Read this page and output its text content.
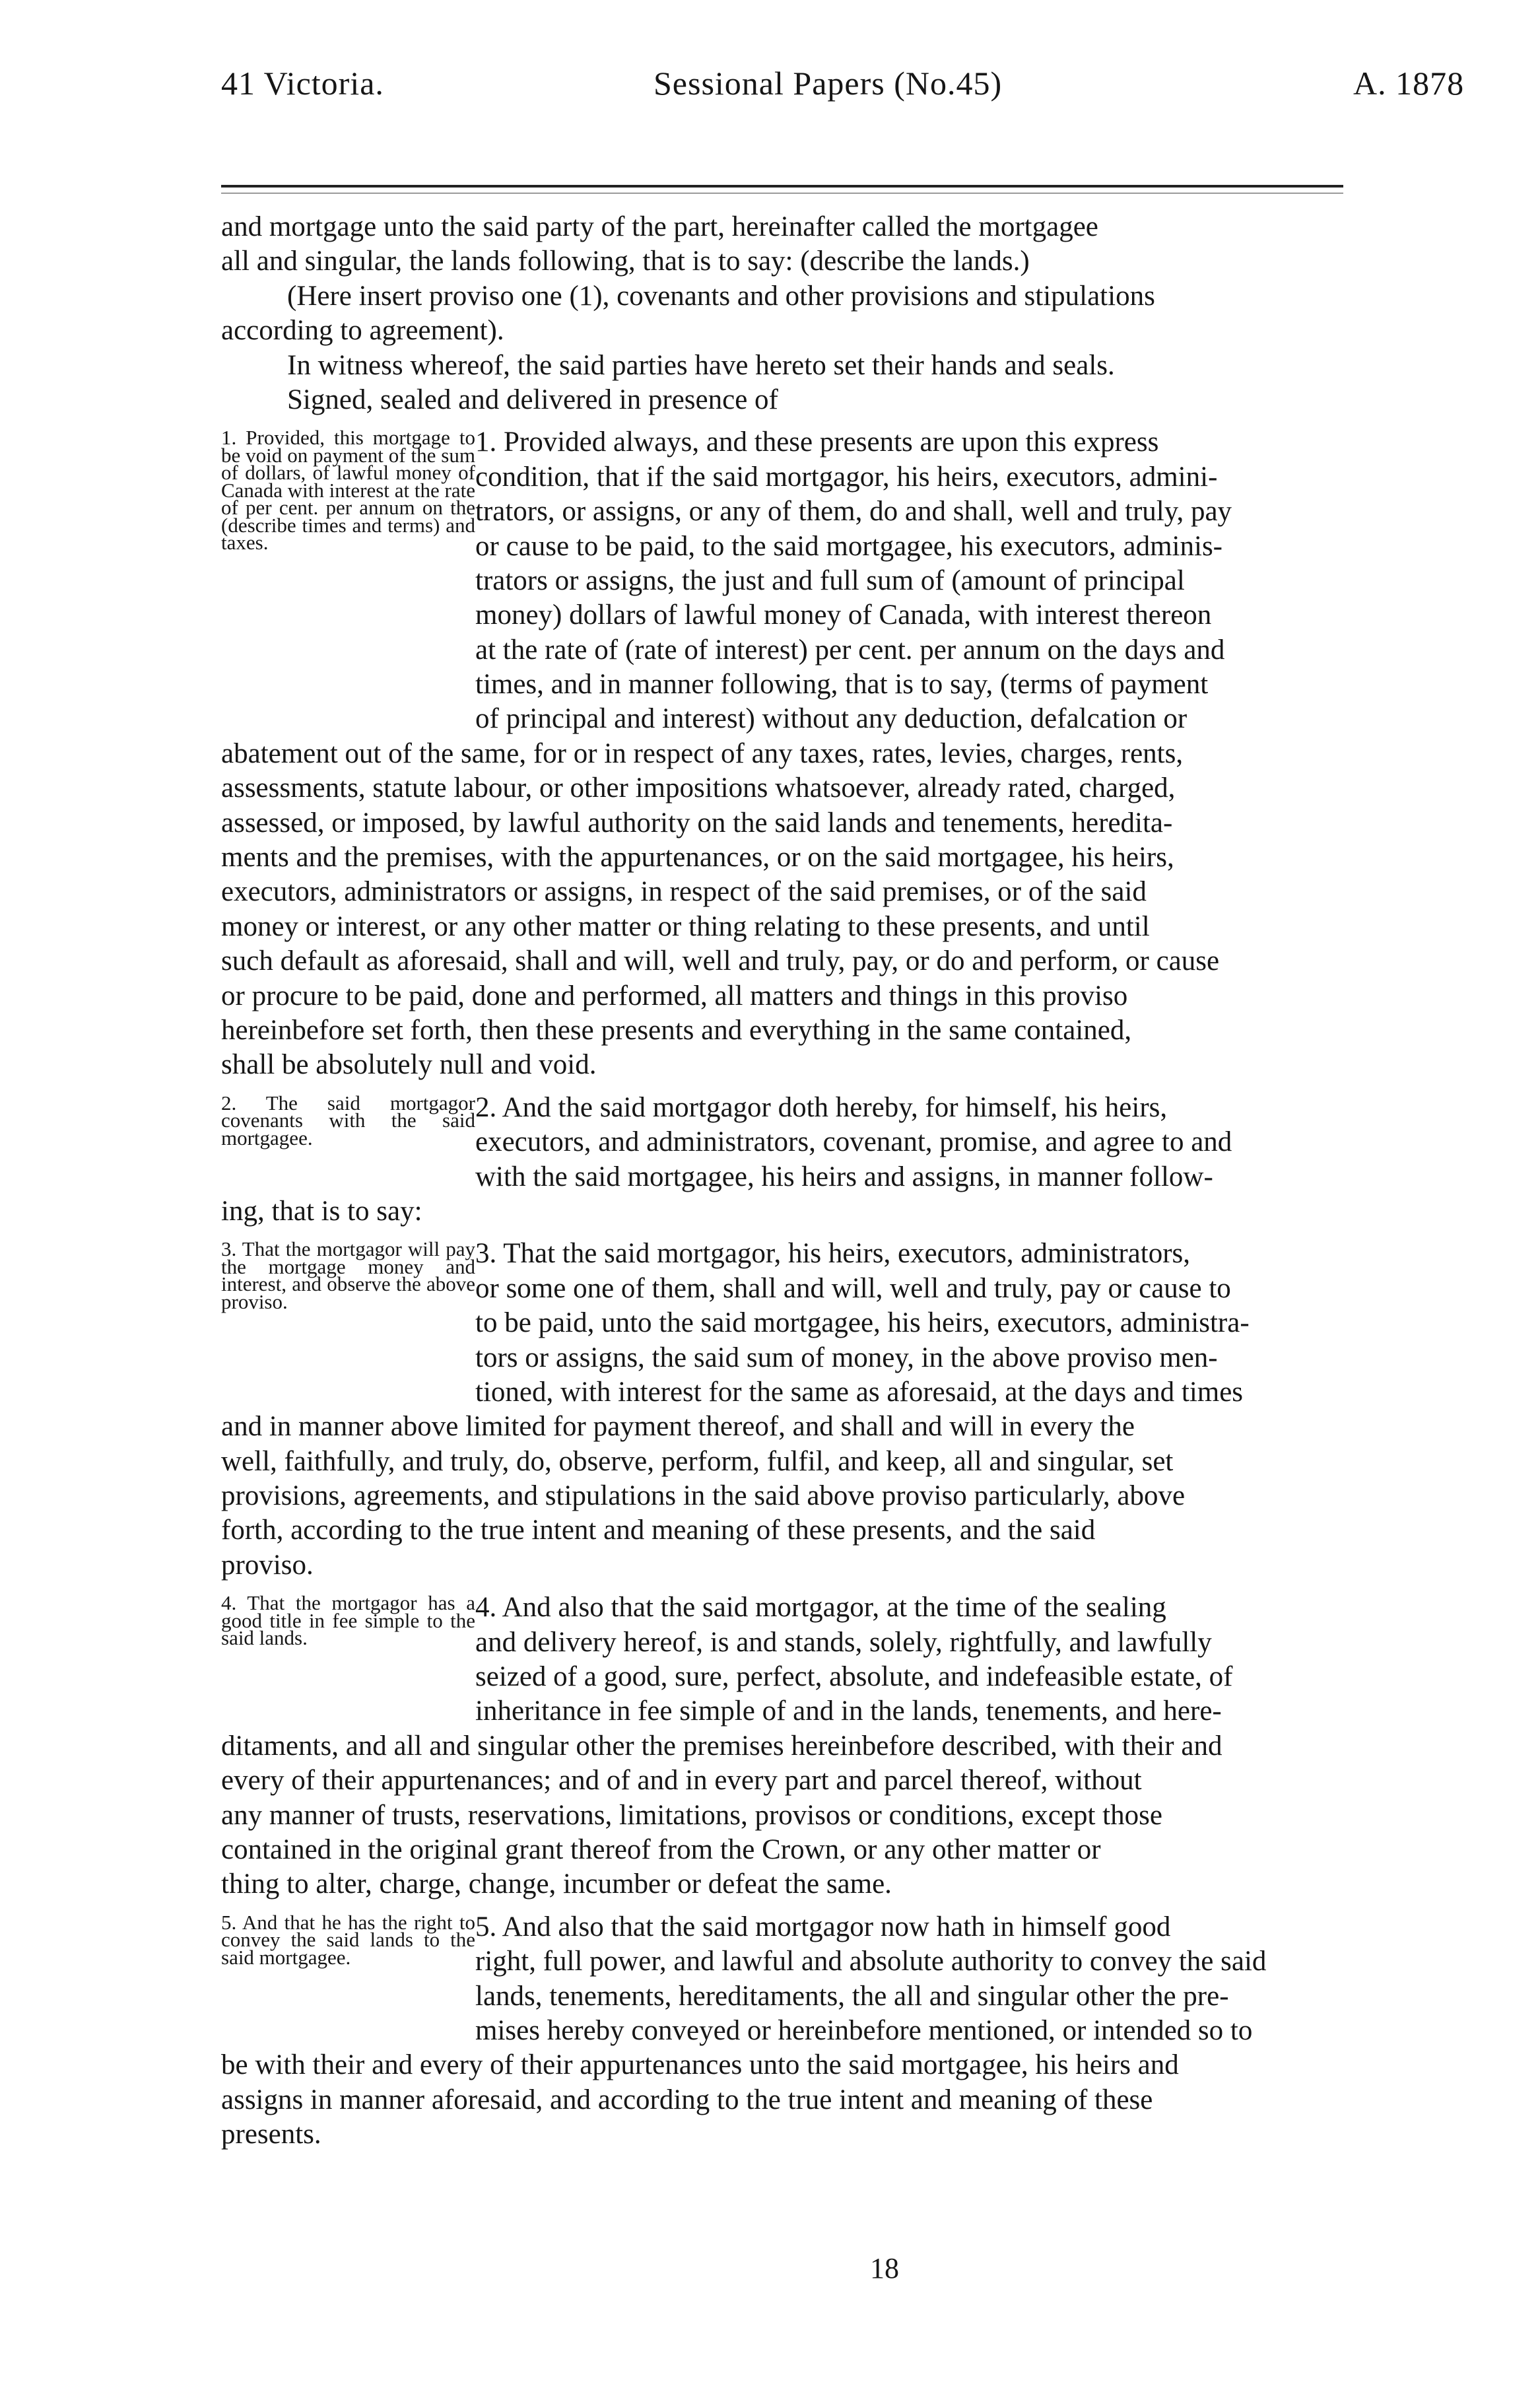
41 Victoria.	Sessional Papers (No.45)	A. 1878
and mortgage unto the said party of the part, hereinafter called the mortgagee
all and singular, the lands following, that is to say: (describe the lands.)
(Here insert proviso one (1), covenants and other provisions and stipulations
according to agreement).
In witness whereof, the said parties have hereto set their hands and seals.
Signed, sealed and delivered in presence of
1. Provided, this mortgage to be void on payment of the sum of dollars, of lawful money of Canada with interest at the rate of per cent. per annum on the (describe times and terms) and taxes.
1. Provided always, and these presents are upon this express
condition, that if the said mortgagor, his heirs, executors, admini-
trators, or assigns, or any of them, do and shall, well and truly, pay
or cause to be paid, to the said mortgagee, his executors, adminis-
trators or assigns, the just and full sum of (amount of principal
money) dollars of lawful money of Canada, with interest thereon
at the rate of (rate of interest) per cent. per annum on the days and
times, and in manner following, that is to say, (terms of payment
of principal and interest) without any deduction, defalcation or
abatement out of the same, for or in respect of any taxes, rates, levies, charges, rents,
assessments, statute labour, or other impositions whatsoever, already rated, charged,
assessed, or imposed, by lawful authority on the said lands and tenements, heredita-
ments and the premises, with the appurtenances, or on the said mortgagee, his heirs,
executors, administrators or assigns, in respect of the said premises, or of the said
money or interest, or any other matter or thing relating to these presents, and until
such default as aforesaid, shall and will, well and truly, pay, or do and perform, or cause
or procure to be paid, done and performed, all matters and things in this proviso
hereinbefore set forth, then these presents and everything in the same contained,
shall be absolutely null and void.
2. The said mortgagor covenants with the said mortgagee.
2. And the said mortgagor doth hereby, for himself, his heirs,
executors, and administrators, covenant, promise, and agree to and
with the said mortgagee, his heirs and assigns, in manner follow-
ing, that is to say:
3. That the mortgagor will pay the mortgage money and interest, and observe the above proviso.
3. That the said mortgagor, his heirs, executors, administrators,
or some one of them, shall and will, well and truly, pay or cause to
to be paid, unto the said mortgagee, his heirs, executors, administra-
tors or assigns, the said sum of money, in the above proviso men-
tioned, with interest for the same as aforesaid, at the days and times
and in manner above limited for payment thereof, and shall and will in every the
well, faithfully, and truly, do, observe, perform, fulfil, and keep, all and singular, set
provisions, agreements, and stipulations in the said above proviso particularly, above
forth, according to the true intent and meaning of these presents, and the said
proviso.
4. That the mortgagor has a good title in fee simple to the said lands.
4. And also that the said mortgagor, at the time of the sealing
and delivery hereof, is and stands, solely, rightfully, and lawfully
seized of a good, sure, perfect, absolute, and indefeasible estate, of
inheritance in fee simple of and in the lands, tenements, and here-
ditaments, and all and singular other the premises hereinbefore described, with their and
every of their appurtenances; and of and in every part and parcel thereof, without
any manner of trusts, reservations, limitations, provisos or conditions, except those
contained in the original grant thereof from the Crown, or any other matter or
thing to alter, charge, change, incumber or defeat the same.
5. And that he has the right to convey the said lands to the said mortgagee.
5. And also that the said mortgagor now hath in himself good
right, full power, and lawful and absolute authority to convey the said
lands, tenements, hereditaments, the all and singular other the pre-
mises hereby conveyed or hereinbefore mentioned, or intended so to
be with their and every of their appurtenances unto the said mortgagee, his heirs and
assigns in manner aforesaid, and according to the true intent and meaning of these
presents.
18
